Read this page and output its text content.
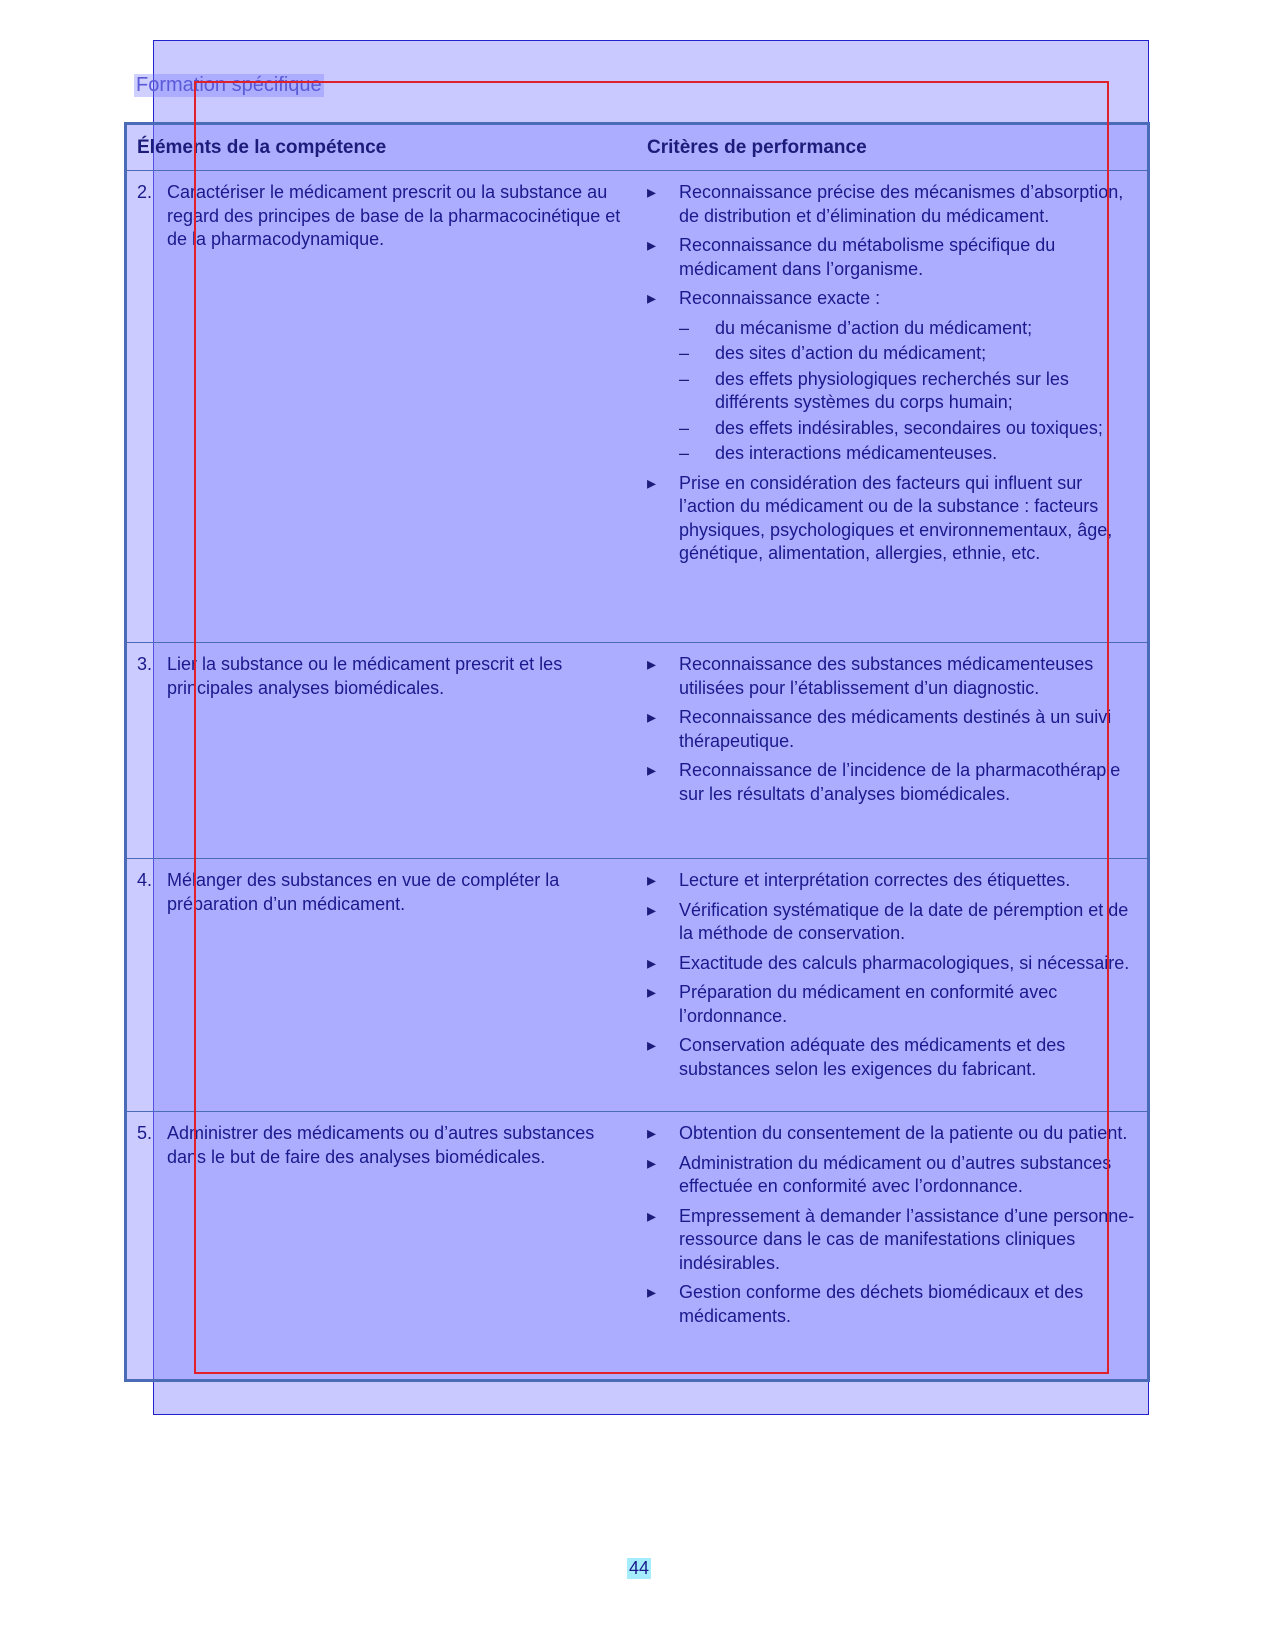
Formation spécifique
Éléments de la compétence	Critères de performance
2. Caractériser le médicament prescrit ou la substance au regard des principes de base de la pharmacocinétique et de la pharmacodynamique.
▸ Reconnaissance précise des mécanismes d’absorption, de distribution et d’élimination du médicament.
▸ Reconnaissance du métabolisme spécifique du médicament dans l’organisme.
▸ Reconnaissance exacte :
– du mécanisme d’action du médicament;
– des sites d’action du médicament;
– des effets physiologiques recherchés sur les différents systèmes du corps humain;
– des effets indésirables, secondaires ou toxiques;
– des interactions médicamenteuses.
▸ Prise en considération des facteurs qui influent sur l’action du médicament ou de la substance : facteurs physiques, psychologiques et environnementaux, âge, génétique, alimentation, allergies, ethnie, etc.
3. Lier la substance ou le médicament prescrit et les principales analyses biomédicales.
▸ Reconnaissance des substances médicamenteuses utilisées pour l’établissement d’un diagnostic.
▸ Reconnaissance des médicaments destinés à un suivi thérapeutique.
▸ Reconnaissance de l’incidence de la pharmacothérapie sur les résultats d’analyses biomédicales.
4. Mélanger des substances en vue de compléter la préparation d’un médicament.
▸ Lecture et interprétation correctes des étiquettes.
▸ Vérification systématique de la date de péremption et de la méthode de conservation.
▸ Exactitude des calculs pharmacologiques, si nécessaire.
▸ Préparation du médicament en conformité avec l’ordonnance.
▸ Conservation adéquate des médicaments et des substances selon les exigences du fabricant.
5. Administrer des médicaments ou d’autres substances dans le but de faire des analyses biomédicales.
▸ Obtention du consentement de la patiente ou du patient.
▸ Administration du médicament ou d’autres substances effectuée en conformité avec l’ordonnance.
▸ Empressement à demander l’assistance d’une personne-ressource dans le cas de manifestations cliniques indésirables.
▸ Gestion conforme des déchets biomédicaux et des médicaments.
44
